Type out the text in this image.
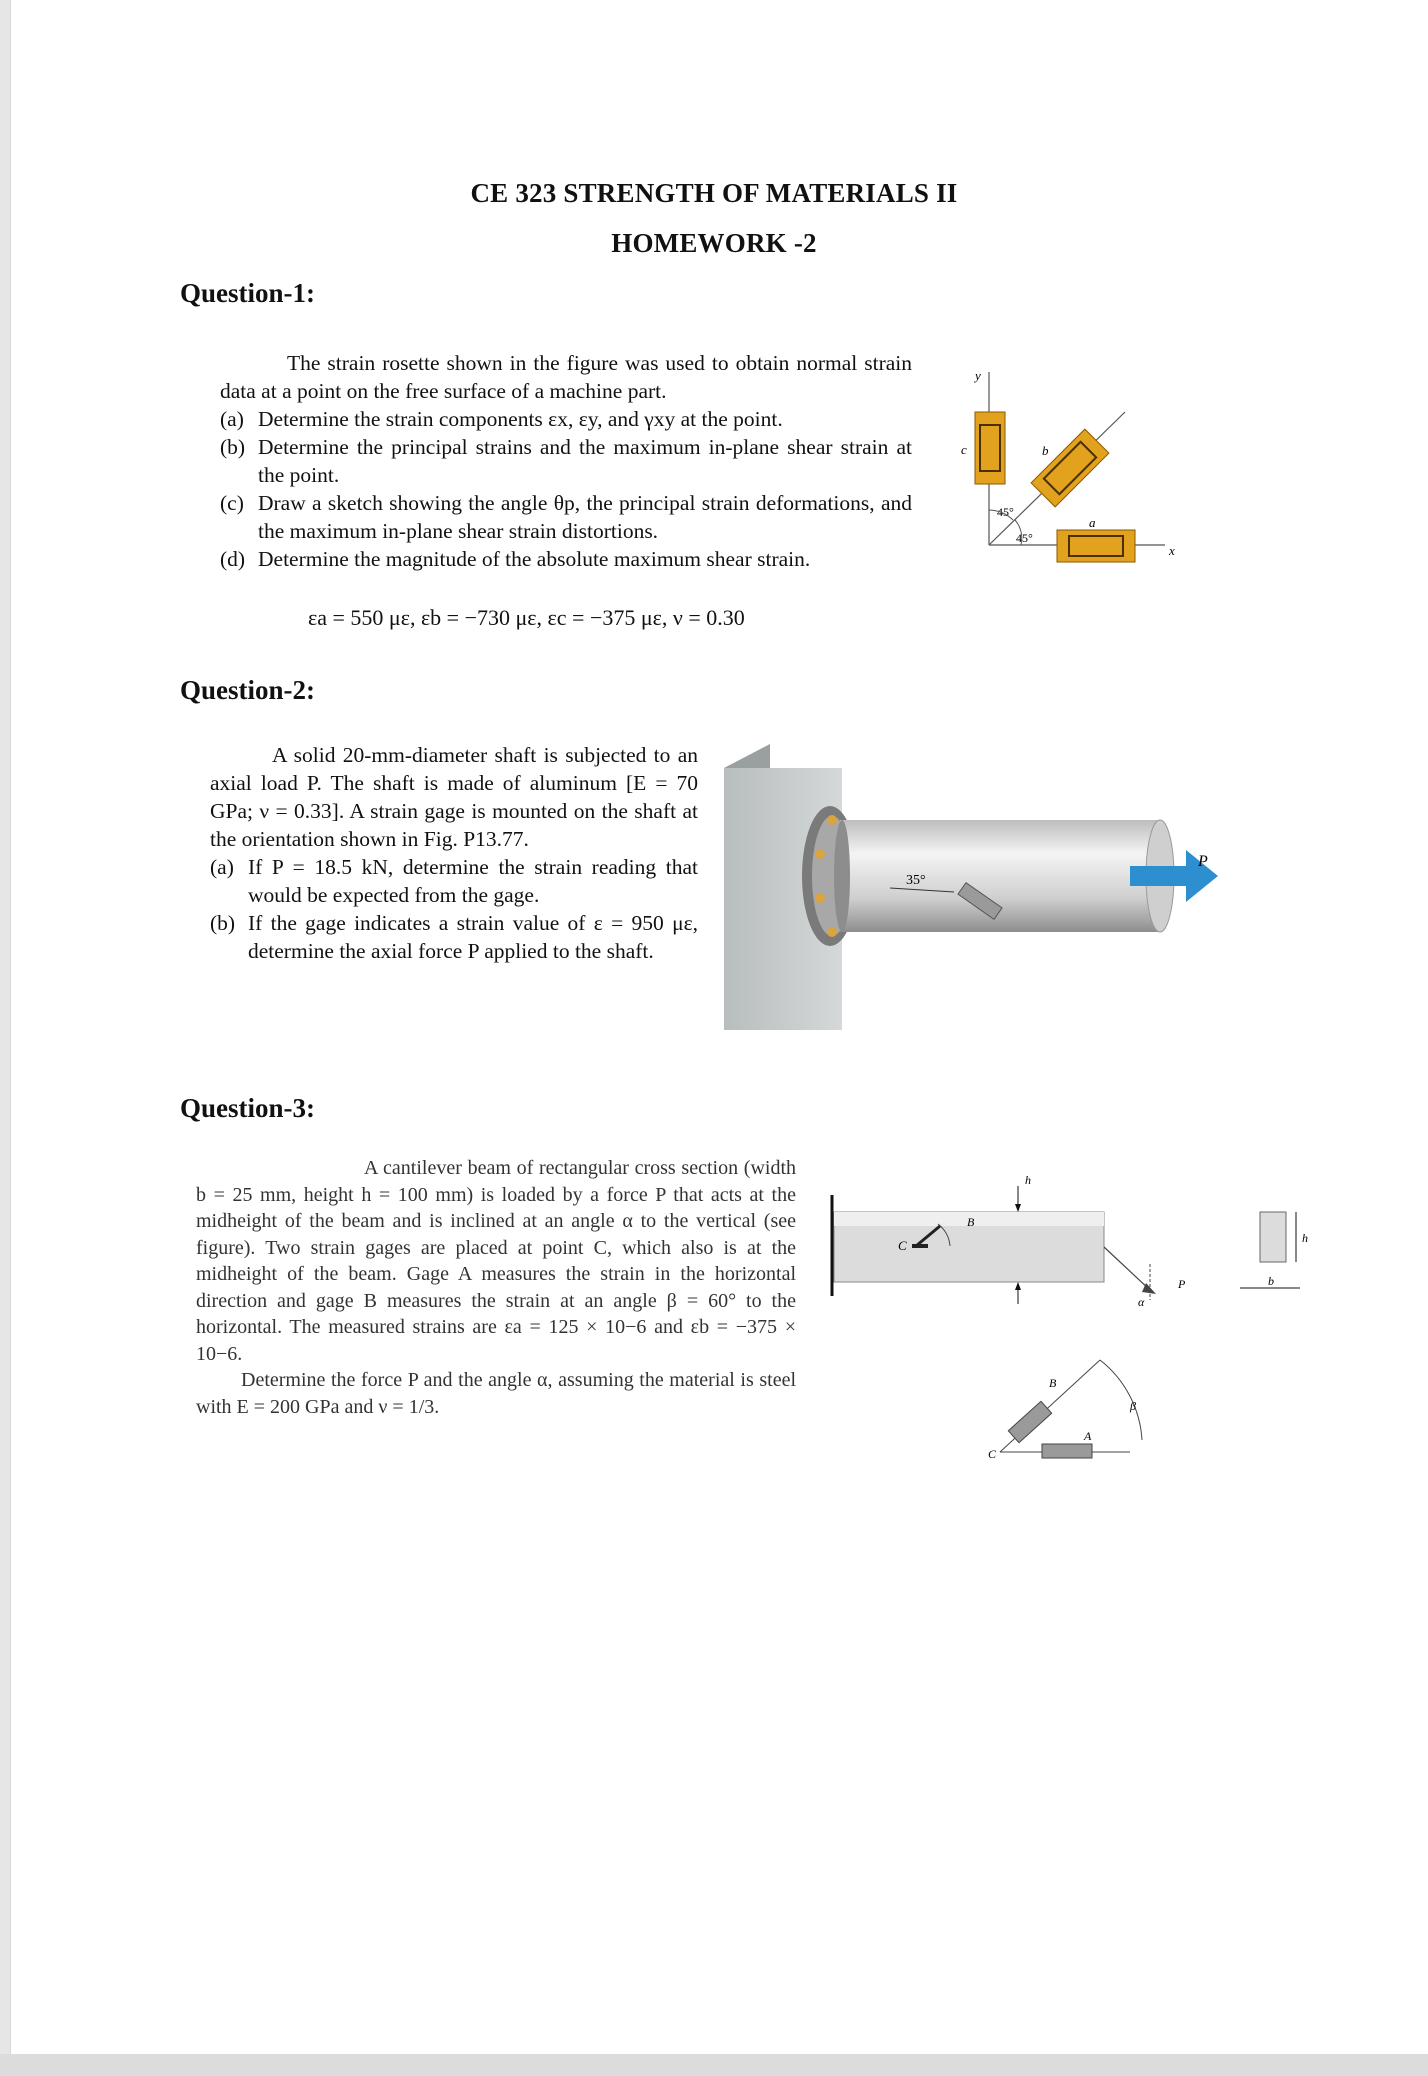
CE 323 STRENGTH OF MATERIALS II
HOMEWORK -2
Question-1:

The strain rosette shown in the figure was used to obtain normal strain data at a point on the free surface of a machine part.

(a) Determine the strain components εx, εy, and γxy at the point.
(b) Determine the principal strains and the maximum in-plane shear strain at the point.
(c) Draw a sketch showing the angle θp, the principal strain deformations, and the maximum in-plane shear strain distortions.
(d) Determine the magnitude of the absolute maximum shear strain.
εa = 550 με, εb = −730 με, εc = −375 με, ν = 0.30
y
x
c	b
a
45°
45°
Question-2:

A solid 20-mm-diameter shaft is subjected to an axial load P. The shaft is made of aluminum [E = 70 GPa; ν = 0.33]. A strain gage is mounted on the shaft at the orientation shown in Fig. P13.77.

(a) If P = 18.5 kN, determine the strain reading that would be expected from the gage.
(b) If the gage indicates a strain value of ε = 950 με, determine the axial force P applied to the shaft.
35°
P
Question-3:

A cantilever beam of rectangular cross section (width b = 25 mm, height h = 100 mm) is loaded by a force P that acts at the midheight of the beam and is inclined at an angle α to the vertical (see figure). Two strain gages are placed at point C, which also is at the midheight of the beam. Gage A measures the strain in the horizontal direction and gage B measures the strain at an angle β = 60° to the horizontal. The measured strains are εa = 125 × 10−6 and εb = −375 × 10−6.

Determine the force P and the angle α, assuming the material is steel with E = 200 GPa and ν = 1/3.

h
C
B
P
α
h
b
C
B
A
β
